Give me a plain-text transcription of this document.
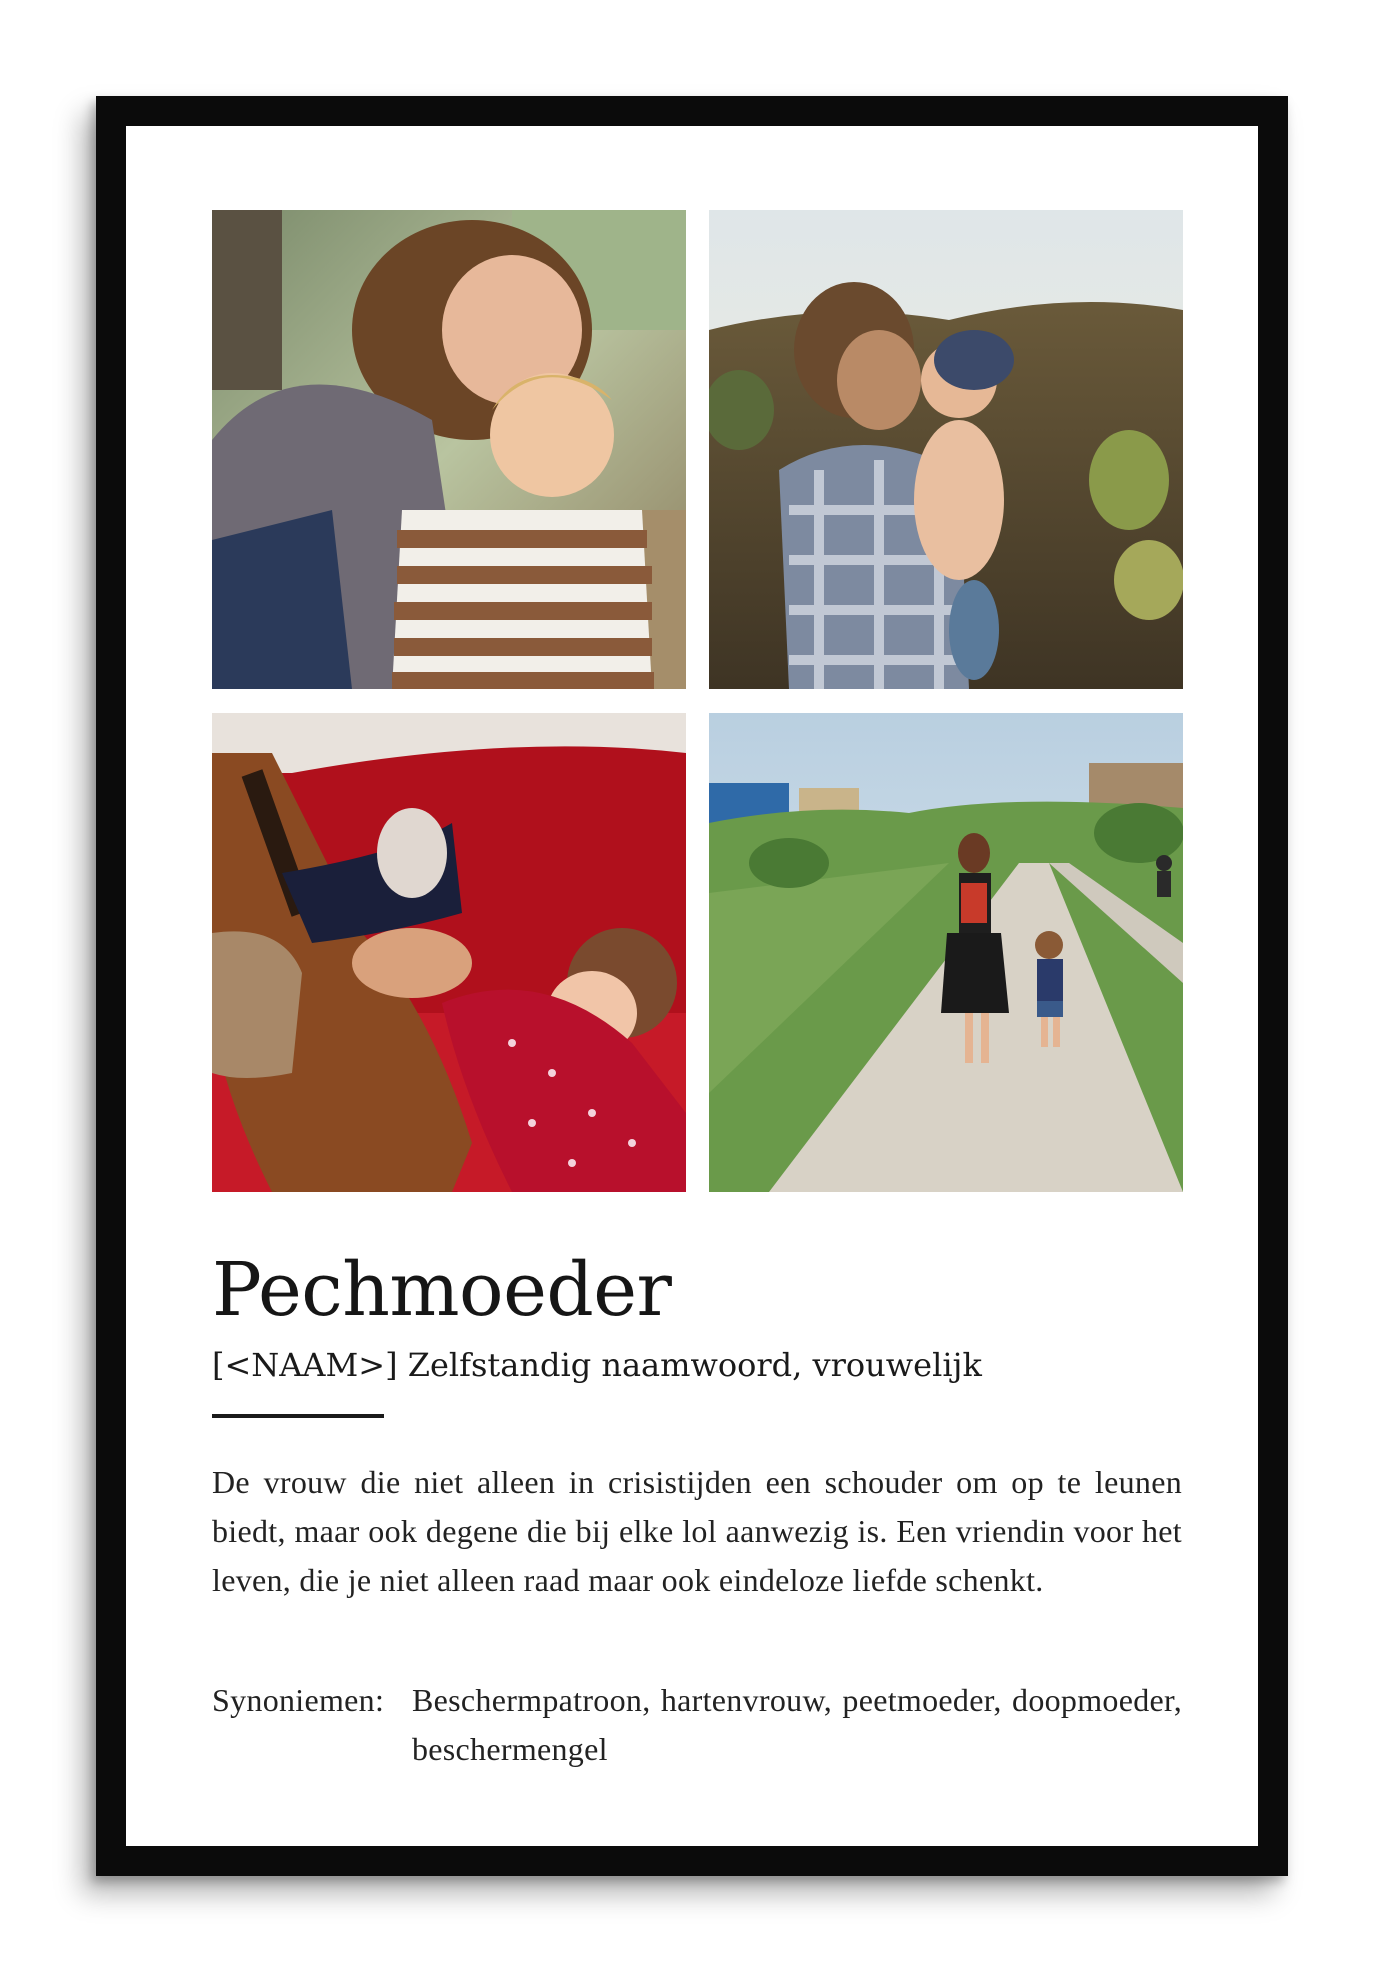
Pechmoeder
[<NAAM>] Zelfstandig naamwoord, vrouwelijk
De vrouw die niet alleen in crisistijden een schouder om op te leunen biedt, maar ook degene die bij elke lol aanwezig is. Een vriendin voor het leven, die je niet alleen raad maar ook eindeloze liefde schenkt.
Synoniemen: Beschermpatroon, hartenvrouw, peetmoeder, doopmoeder, beschermengel
